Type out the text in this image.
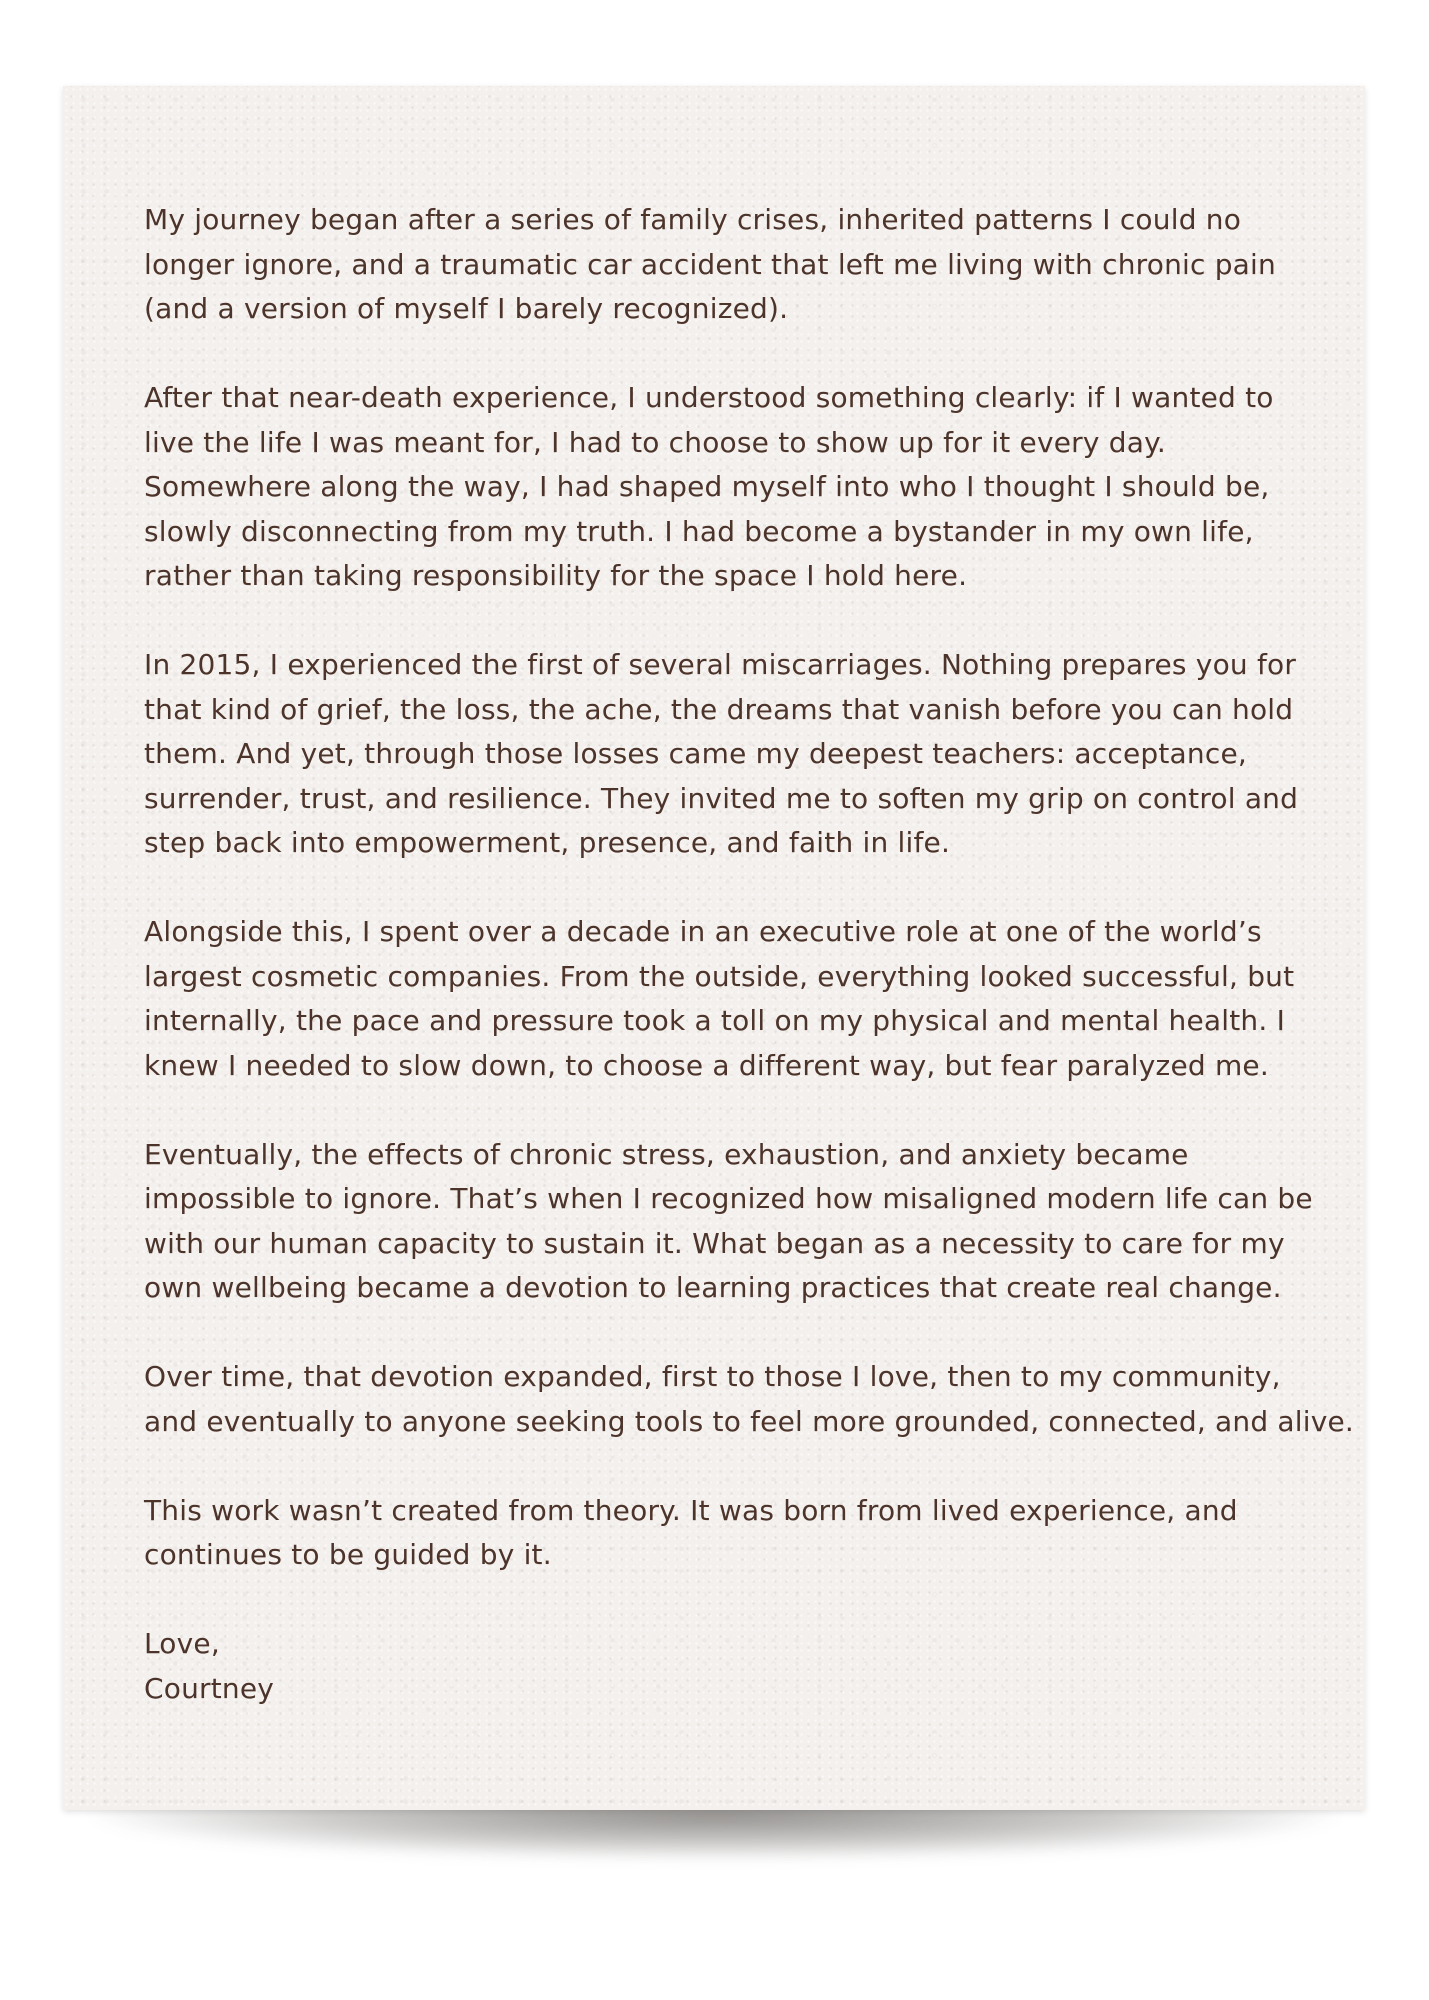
My journey began after a series of family crises, inherited patterns I could no
longer ignore, and a traumatic car accident that left me living with chronic pain
(and a version of myself I barely recognized).

After that near-death experience, I understood something clearly: if I wanted to
live the life I was meant for, I had to choose to show up for it every day.
Somewhere along the way, I had shaped myself into who I thought I should be,
slowly disconnecting from my truth. I had become a bystander in my own life,
rather than taking responsibility for the space I hold here.

In 2015, I experienced the first of several miscarriages. Nothing prepares you for
that kind of grief, the loss, the ache, the dreams that vanish before you can hold
them. And yet, through those losses came my deepest teachers: acceptance,
surrender, trust, and resilience. They invited me to soften my grip on control and
step back into empowerment, presence, and faith in life.

Alongside this, I spent over a decade in an executive role at one of the world’s
largest cosmetic companies. From the outside, everything looked successful, but
internally, the pace and pressure took a toll on my physical and mental health. I
knew I needed to slow down, to choose a different way, but fear paralyzed me.

Eventually, the effects of chronic stress, exhaustion, and anxiety became
impossible to ignore. That’s when I recognized how misaligned modern life can be
with our human capacity to sustain it. What began as a necessity to care for my
own wellbeing became a devotion to learning practices that create real change.

Over time, that devotion expanded, first to those I love, then to my community,
and eventually to anyone seeking tools to feel more grounded, connected, and alive.

This work wasn’t created from theory. It was born from lived experience, and
continues to be guided by it.

Love,
Courtney
